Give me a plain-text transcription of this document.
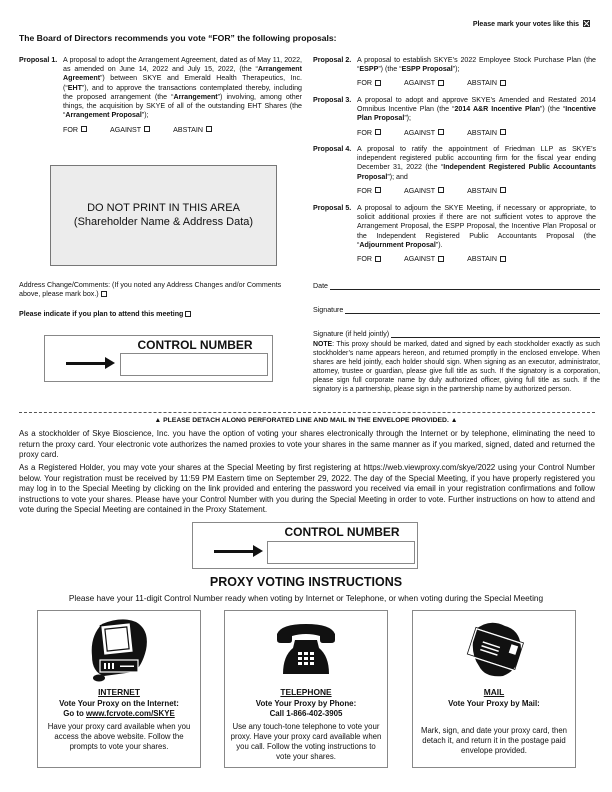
Please mark your votes like this
The Board of Directors recommends you vote “FOR” the following proposals:
Proposal 1. A proposal to adopt the Arrangement Agreement, dated as of May 11, 2022, as amended on June 14, 2022 and July 15, 2022, (the “Arrangement Agreement”) between SKYE and Emerald Health Therapeutics, Inc. (“EHT”), and to approve the transactions contemplated thereby, including the proposed arrangement (the “Arrangement”) involving, among other things, the acquisition by SKYE of all of the outstanding EHT Shares (the “Arrangement Proposal”);
FOR	AGAINST	ABSTAIN
Proposal 2. A proposal to establish SKYE’s 2022 Employee Stock Purchase Plan (the “ESPP”) (the “ESPP Proposal”);
FOR	AGAINST	ABSTAIN
Proposal 3. A proposal to adopt and approve SKYE’s Amended and Restated 2014 Omnibus Incentive Plan (the “2014 A&R Incentive Plan”) (the “Incentive Plan Proposal”);
FOR	AGAINST	ABSTAIN
Proposal 4. A proposal to ratify the appointment of Friedman LLP as SKYE’s independent registered public accounting firm for the fiscal year ending December 31, 2022 (the “Independent Registered Public Accountants Proposal”); and
FOR	AGAINST	ABSTAIN
Proposal 5. A proposal to adjourn the SKYE Meeting, if necessary or appropriate, to solicit additional proxies if there are not sufficient votes to approve the Arrangement Proposal, the ESPP Proposal, the Incentive Plan Proposal or the Independent Registered Public Accountants Proposal (the “Adjournment Proposal”).
FOR	AGAINST	ABSTAIN
DO NOT PRINT IN THIS AREA
(Shareholder Name & Address Data)
Address Change/Comments: (If you noted any Address Changes and/or Comments above, please mark box.)
Please indicate if you plan to attend this meeting
CONTROL NUMBER
Date
Signature
Signature (if held jointly)
NOTE: This proxy should be marked, dated and signed by each stockholder exactly as such stockholder’s name appears hereon, and returned promptly in the enclosed envelope. When shares are held jointly, each holder should sign. When signing as an executor, administrator, attorney, trustee or guardian, please give full title as such. If the signatory is a corporation, please sign full corporate name by duly authorized officer, giving full title as such. If the signatory is a partnership, please sign in the partnership name by authorized person.
▲ PLEASE DETACH ALONG PERFORATED LINE AND MAIL IN THE ENVELOPE PROVIDED. ▲
As a stockholder of Skye Bioscience, Inc. you have the option of voting your shares electronically through the Internet or by telephone, eliminating the need to return the proxy card. Your electronic vote authorizes the named proxies to vote your shares in the same manner as if you marked, signed, dated and returned the proxy card.
As a Registered Holder, you may vote your shares at the Special Meeting by first registering at https://web.viewproxy.com/skye/2022 using your Control Number below. Your registration must be received by 11:59 PM Eastern time on September 29, 2022. The day of the Special Meeting, if you have properly registered you may log in to the Special Meeting by clicking on the link provided and entering the password you received via email in your registration confirmations and follow instructions to vote your shares. Please have your Control Number with you during the Special Meeting in order to vote. Further instructions on how to attend and vote during the Special Meeting are contained in the Proxy Statement.
CONTROL NUMBER
PROXY VOTING INSTRUCTIONS
Please have your 11-digit Control Number ready when voting by Internet or Telephone, or when voting during the Special Meeting
INTERNET
Vote Your Proxy on the Internet:
Go to www.fcrvote.com/SKYE
Have your proxy card available when you access the above website. Follow the prompts to vote your shares.
TELEPHONE
Vote Your Proxy by Phone:
Call 1-866-402-3905
Use any touch-tone telephone to vote your proxy. Have your proxy card available when you call. Follow the voting instructions to vote your shares.
MAIL
Vote Your Proxy by Mail:
Mark, sign, and date your proxy card, then detach it, and return it in the postage paid envelope provided.
